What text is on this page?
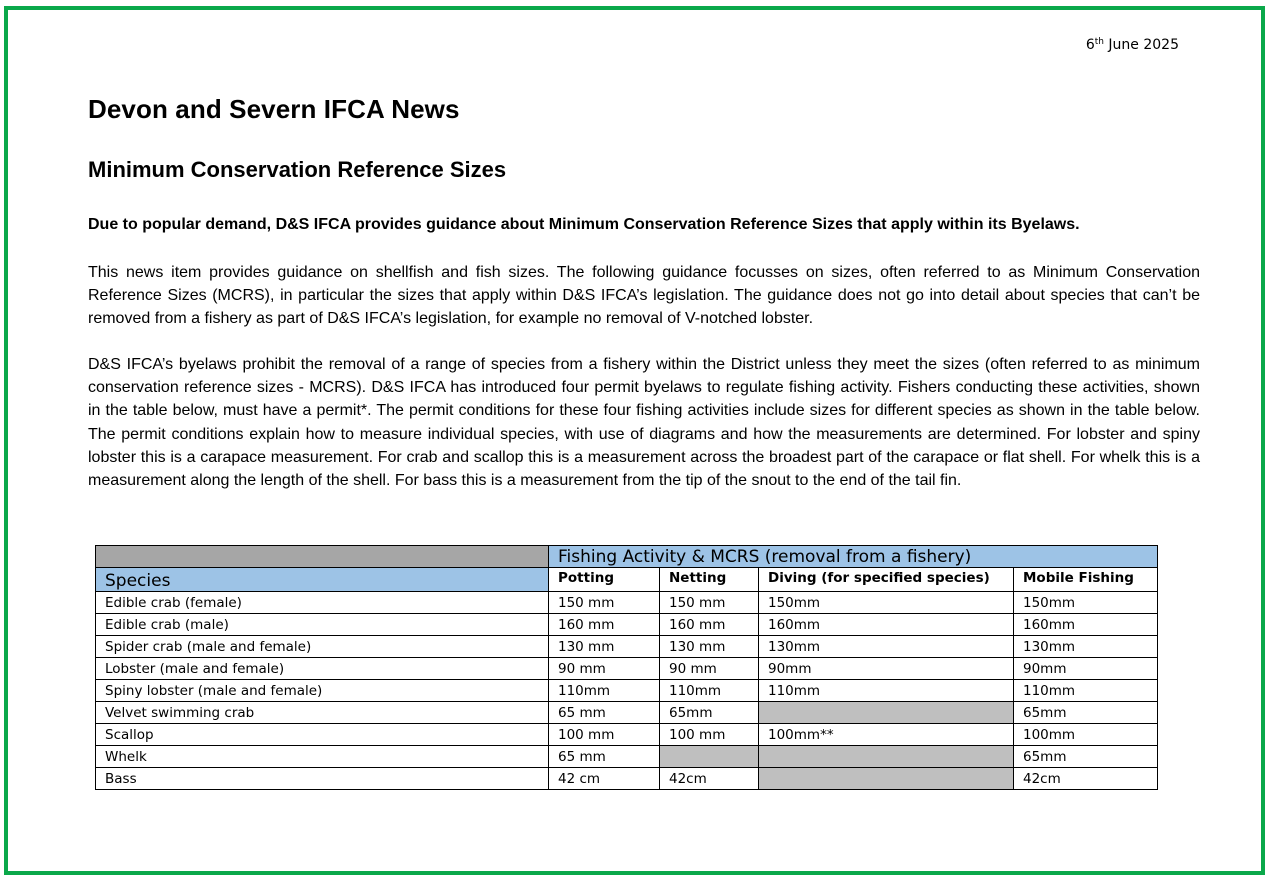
6th June 2025
Devon and Severn IFCA News
Minimum Conservation Reference Sizes

Due to popular demand, D&S IFCA provides guidance about Minimum Conservation Reference Sizes that apply within its Byelaws.

This news item provides guidance on shellfish and fish sizes. The following guidance focusses on sizes, often referred to as Minimum Conservation Reference Sizes (MCRS), in particular the sizes that apply within D&S IFCA’s legislation. The guidance does not go into detail about species that can’t be removed from a fishery as part of D&S IFCA’s legislation, for example no removal of V-notched lobster.

D&S IFCA’s byelaws prohibit the removal of a range of species from a fishery within the District unless they meet the sizes (often referred to as minimum conservation reference sizes - MCRS). D&S IFCA has introduced four permit byelaws to regulate fishing activity. Fishers conducting these activities, shown in the table below, must have a permit*. The permit conditions for these four fishing activities include sizes for different species as shown in the table below. The permit conditions explain how to measure individual species, with use of diagrams and how the measurements are determined. For lobster and spiny lobster this is a carapace measurement. For crab and scallop this is a measurement across the broadest part of the carapace or flat shell. For whelk this is a measurement along the length of the shell. For bass this is a measurement from the tip of the snout to the end of the tail fin.

	Fishing Activity & MCRS (removal from a fishery)			
Species	Potting	Netting	Diving (for specified species)	Mobile Fishing
Edible crab (female)	150 mm	150 mm	150mm	150mm
Edible crab (male)	160 mm	160 mm	160mm	160mm
Spider crab (male and female)	130 mm	130 mm	130mm	130mm
Lobster (male and female)	90 mm	90 mm	90mm	90mm
Spiny lobster (male and female)	110mm	110mm	110mm	110mm
Velvet swimming crab	65 mm	65mm		65mm
Scallop	100 mm	100 mm	100mm**	100mm
Whelk	65 mm			65mm
Bass	42 cm	42cm		42cm
